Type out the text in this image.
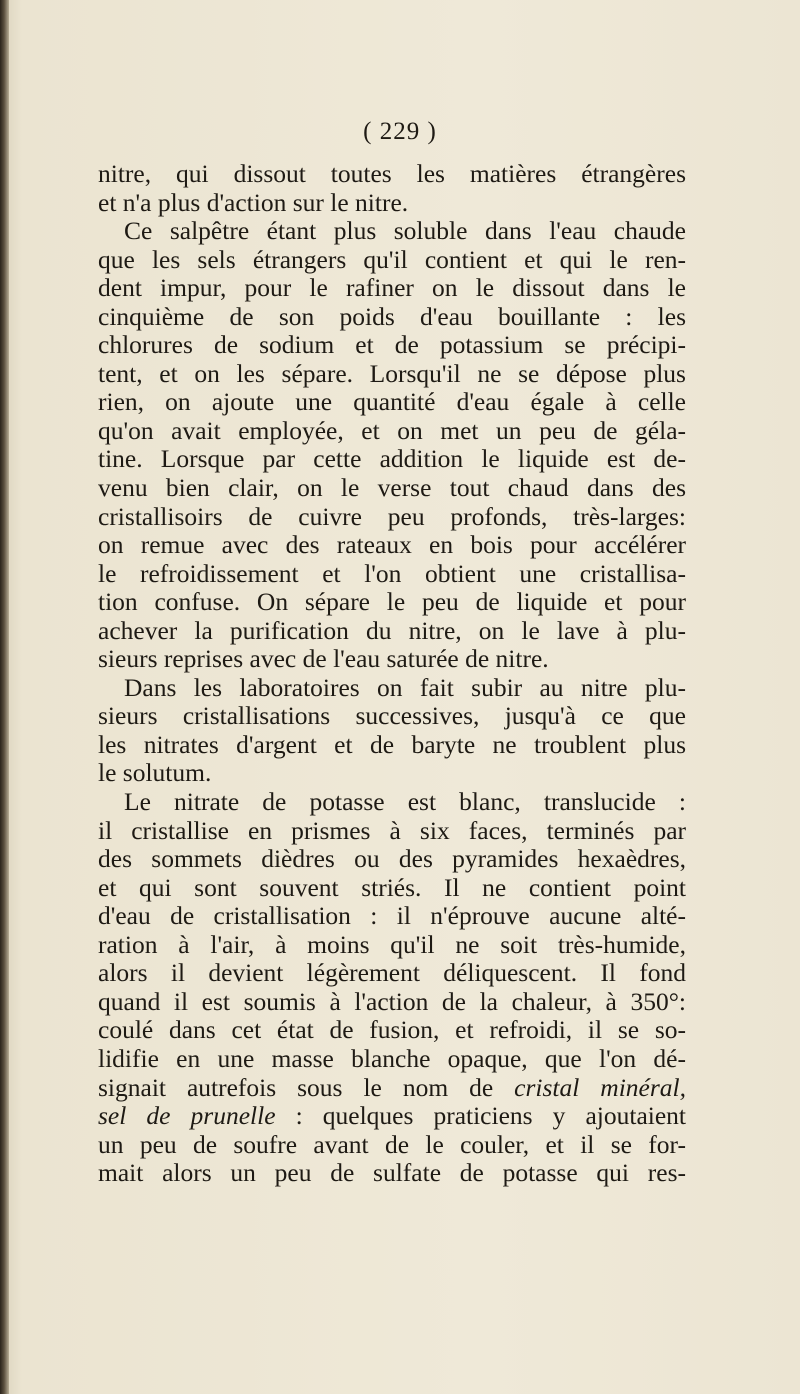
( 229 )
nitre, qui dissout toutes les matières étrangères
et n'a plus d'action sur le nitre.
Ce salpêtre étant plus soluble dans l'eau chaude
que les sels étrangers qu'il contient et qui le ren-
dent impur, pour le rafiner on le dissout dans le
cinquième de son poids d'eau bouillante : les
chlorures de sodium et de potassium se précipi-
tent, et on les sépare. Lorsqu'il ne se dépose plus
rien, on ajoute une quantité d'eau égale à celle
qu'on avait employée, et on met un peu de géla-
tine. Lorsque par cette addition le liquide est de-
venu bien clair, on le verse tout chaud dans des
cristallisoirs de cuivre peu profonds, très-larges:
on remue avec des rateaux en bois pour accélérer
le refroidissement et l'on obtient une cristallisa-
tion confuse. On sépare le peu de liquide et pour
achever la purification du nitre, on le lave à plu-
sieurs reprises avec de l'eau saturée de nitre.
Dans les laboratoires on fait subir au nitre plu-
sieurs cristallisations successives, jusqu'à ce que
les nitrates d'argent et de baryte ne troublent plus
le solutum.
Le nitrate de potasse est blanc, translucide :
il cristallise en prismes à six faces, terminés par
des sommets dièdres ou des pyramides hexaèdres,
et qui sont souvent striés. Il ne contient point
d'eau de cristallisation : il n'éprouve aucune alté-
ration à l'air, à moins qu'il ne soit très-humide,
alors il devient légèrement déliquescent. Il fond
quand il est soumis à l'action de la chaleur, à 350°:
coulé dans cet état de fusion, et refroidi, il se so-
lidifie en une masse blanche opaque, que l'on dé-
signait autrefois sous le nom de cristal minéral,
sel de prunelle : quelques praticiens y ajoutaient
un peu de soufre avant de le couler, et il se for-
mait alors un peu de sulfate de potasse qui res-
